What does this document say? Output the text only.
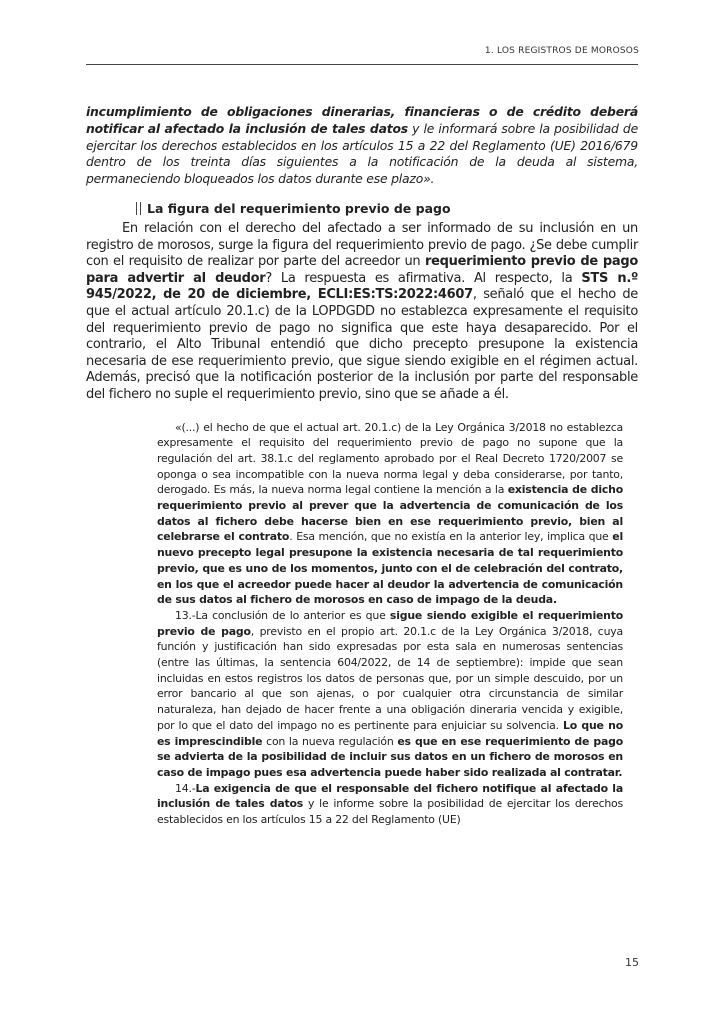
1. LOS REGISTROS DE MOROSOS

incumplimiento de obligaciones dinerarias, financieras o de crédito deberá notificar al afectado la inclusión de tales datos y le informará sobre la posibilidad de ejercitar los derechos establecidos en los artículos 15 a 22 del Reglamento (UE) 2016/679 dentro de los treinta días siguientes a la notificación de la deuda al sistema, permaneciendo bloqueados los datos durante ese plazo».

La figura del requerimiento previo de pago

En relación con el derecho del afectado a ser informado de su inclusión en un registro de morosos, surge la figura del requerimiento previo de pago. ¿Se debe cumplir con el requisito de realizar por parte del acreedor un requerimiento previo de pago para advertir al deudor? La respuesta es afirmativa. Al respecto, la STS n.º 945/2022, de 20 de diciembre, ECLI:ES:TS:2022:4607, señaló que el hecho de que el actual artículo 20.1.c) de la LOPDGDD no establezca expresamente el requisito del requerimiento previo de pago no significa que este haya desaparecido. Por el contrario, el Alto Tribunal entendió que dicho precepto presupone la existencia necesaria de ese requerimiento previo, que sigue siendo exigible en el régimen actual. Además, precisó que la notificación posterior de la inclusión por parte del responsable del fichero no suple el requerimiento previo, sino que se añade a él.

«(...) el hecho de que el actual art. 20.1.c) de la Ley Orgánica 3/2018 no establezca expresamente el requisito del requerimiento previo de pago no supone que la regulación del art. 38.1.c del reglamento aprobado por el Real Decreto 1720/2007 se oponga o sea incompatible con la nueva norma legal y deba considerarse, por tanto, derogado. Es más, la nueva norma legal contiene la mención a la existencia de dicho requerimiento previo al prever que la advertencia de comunicación de los datos al fichero debe hacerse bien en ese requerimiento previo, bien al celebrarse el contrato. Esa mención, que no existía en la anterior ley, implica que el nuevo precepto legal presupone la existencia necesaria de tal requerimiento previo, que es uno de los momentos, junto con el de celebración del contrato, en los que el acreedor puede hacer al deudor la advertencia de comunicación de sus datos al fichero de morosos en caso de impago de la deuda.

13.-La conclusión de lo anterior es que sigue siendo exigible el requerimiento previo de pago, previsto en el propio art. 20.1.c de la Ley Orgánica 3/2018, cuya función y justificación han sido expresadas por esta sala en numerosas sentencias (entre las últimas, la sentencia 604/2022, de 14 de septiembre): impide que sean incluidas en estos registros los datos de personas que, por un simple descuido, por un error bancario al que son ajenas, o por cualquier otra circunstancia de similar naturaleza, han dejado de hacer frente a una obligación dineraria vencida y exigible, por lo que el dato del impago no es pertinente para enjuiciar su solvencia. Lo que no es imprescindible con la nueva regulación es que en ese requerimiento de pago se advierta de la posibilidad de incluir sus datos en un fichero de morosos en caso de impago pues esa advertencia puede haber sido realizada al contratar.

14.-La exigencia de que el responsable del fichero notifique al afectado la inclusión de tales datos y le informe sobre la posibilidad de ejercitar los derechos establecidos en los artículos 15 a 22 del Reglamento (UE)

15
